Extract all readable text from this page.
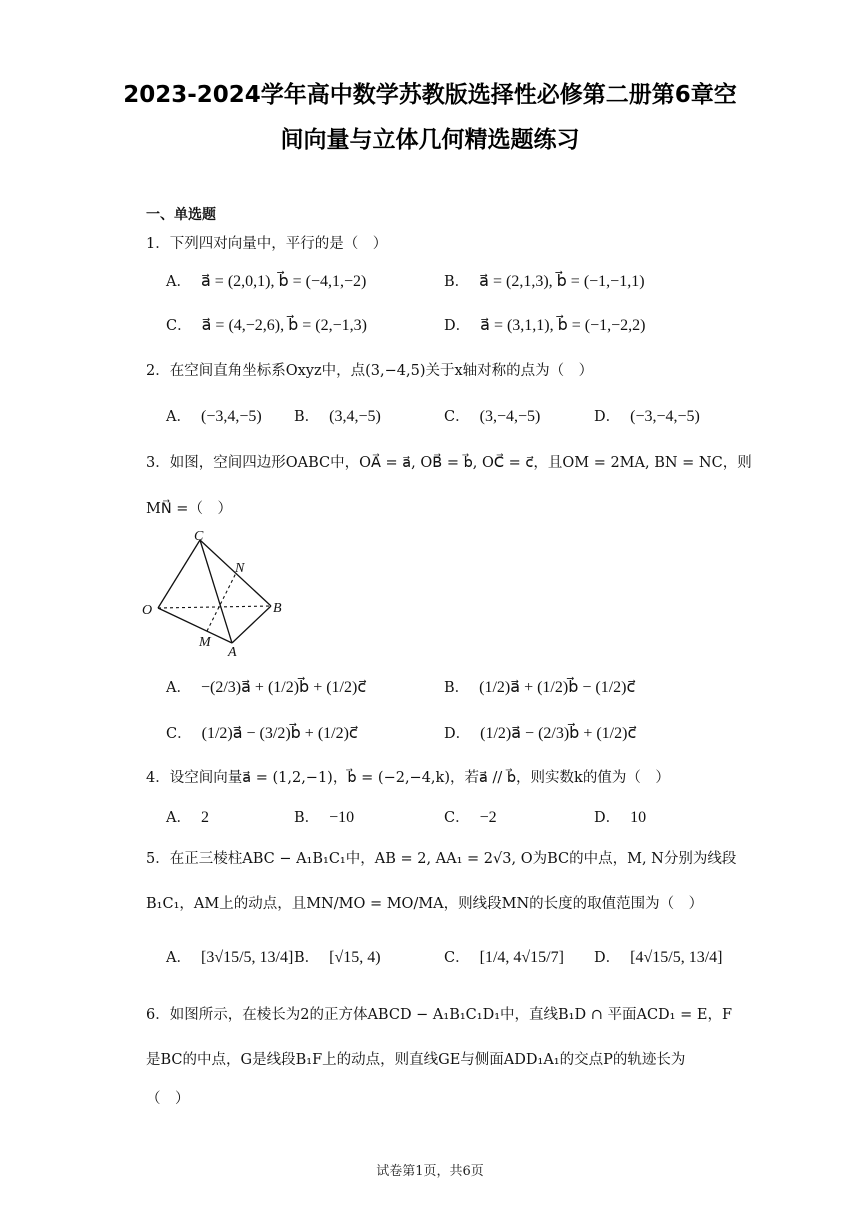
2023-2024学年高中数学苏教版选择性必修第二册第6章空
间向量与立体几何精选题练习
一、单选题
1．下列四对向量中，平行的是（　）
A． a⃗ = (2,0,1), b⃗ = (−4,1,−2)	B． a⃗ = (2,1,3), b⃗ = (−1,−1,1)
C． a⃗ = (4,−2,6), b⃗ = (2,−1,3)	D． a⃗ = (3,1,1), b⃗ = (−1,−2,2)
2．在空间直角坐标系Oxyz中，点(3,−4,5)关于x轴对称的点为（　）
A． (−3,4,−5) B． (3,4,−5)	C． (3,−4,−5)	D． (−3,−4,−5)
3．如图，空间四边形OABC中，OA⃗ = a⃗, OB⃗ = b⃗, OC⃗ = c⃗，且OM = 2MA, BN = NC，则
MN⃗ =（　）
C
N
O	B
M
A
A． −(2/3)a⃗ + (1/2)b⃗ + (1/2)c⃗	B． (1/2)a⃗ + (1/2)b⃗ − (1/2)c⃗
C． (1/2)a⃗ − (3/2)b⃗ + (1/2)c⃗	D． (1/2)a⃗ − (2/3)b⃗ + (1/2)c⃗
4．设空间向量a⃗ = (1,2,−1)，b⃗ = (−2,−4,k)，若a⃗ // b⃗，则实数k的值为（　）
A． 2	B． −10	C． −2	D． 10
5．在正三棱柱ABC − A₁B₁C₁中，AB = 2, AA₁ = 2√3, O为BC的中点，M, N分别为线段
B₁C₁，AM上的动点，且MN/MO = MO/MA，则线段MN的长度的取值范围为（　）
A． [3√15/5, 13/4] B． [√15, 4)	C． [1/4, 4√15/7] D． [4√15/5, 13/4]
6．如图所示，在棱长为2的正方体ABCD − A₁B₁C₁D₁中，直线B₁D ∩ 平面ACD₁ = E，F
是BC的中点，G是线段B₁F上的动点，则直线GE与侧面ADD₁A₁的交点P的轨迹长为
（　）
试卷第1页，共6页
